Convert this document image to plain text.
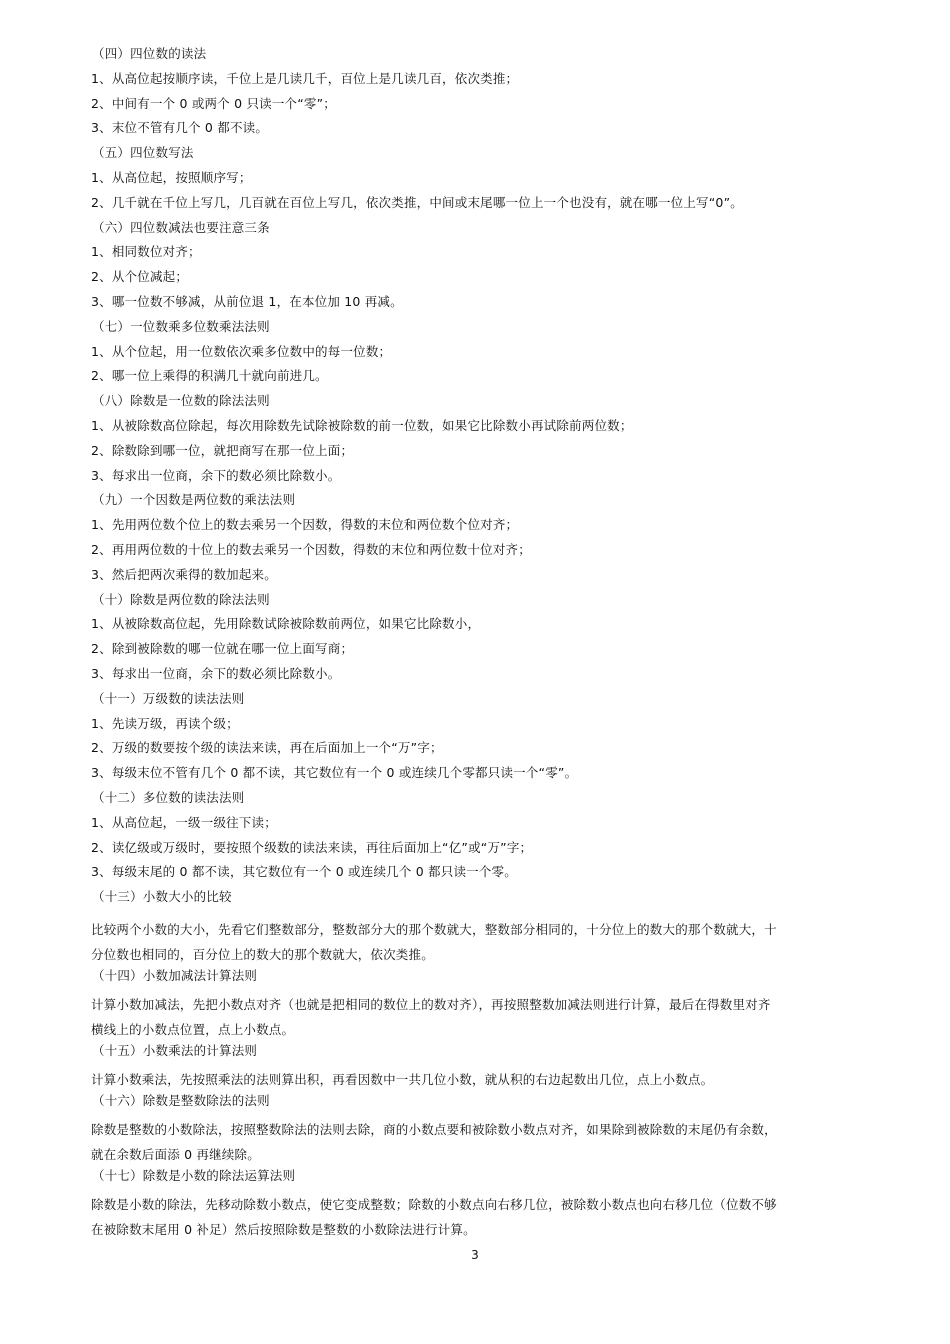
（四）四位数的读法
1、从高位起按顺序读，千位上是几读几千，百位上是几读几百，依次类推；
2、中间有一个 0 或两个 0 只读一个“零”；
3、末位不管有几个 0 都不读。
（五）四位数写法
1、从高位起，按照顺序写；
2、几千就在千位上写几，几百就在百位上写几，依次类推，中间或末尾哪一位上一个也没有，就在哪一位上写“0”。
（六）四位数减法也要注意三条
1、相同数位对齐；
2、从个位减起；
3、哪一位数不够减，从前位退 1，在本位加 10 再减。
（七）一位数乘多位数乘法法则
1、从个位起，用一位数依次乘多位数中的每一位数；
2、哪一位上乘得的积满几十就向前进几。
（八）除数是一位数的除法法则
1、从被除数高位除起，每次用除数先试除被除数的前一位数，如果它比除数小再试除前两位数；
2、除数除到哪一位，就把商写在那一位上面；
3、每求出一位商，余下的数必须比除数小。
（九）一个因数是两位数的乘法法则
1、先用两位数个位上的数去乘另一个因数，得数的末位和两位数个位对齐；
2、再用两位数的十位上的数去乘另一个因数，得数的末位和两位数十位对齐；
3、然后把两次乘得的数加起来。
（十）除数是两位数的除法法则
1、从被除数高位起，先用除数试除被除数前两位，如果它比除数小，
2、除到被除数的哪一位就在哪一位上面写商；
3、每求出一位商，余下的数必须比除数小。
（十一）万级数的读法法则
1、先读万级，再读个级；
2、万级的数要按个级的读法来读，再在后面加上一个“万”字；
3、每级末位不管有几个 0 都不读，其它数位有一个 0 或连续几个零都只读一个“零”。
（十二）多位数的读法法则
1、从高位起，一级一级往下读；
2、读亿级或万级时，要按照个级数的读法来读，再往后面加上“亿”或“万”字；
3、每级末尾的 0 都不读，其它数位有一个 0 或连续几个 0 都只读一个零。
（十三）小数大小的比较
比较两个小数的大小，先看它们整数部分，整数部分大的那个数就大，整数部分相同的，十分位上的数大的那个数就大，十
分位数也相同的，百分位上的数大的那个数就大，依次类推。
（十四）小数加减法计算法则
计算小数加减法，先把小数点对齐（也就是把相同的数位上的数对齐），再按照整数加减法则进行计算，最后在得数里对齐
横线上的小数点位置，点上小数点。
（十五）小数乘法的计算法则
计算小数乘法，先按照乘法的法则算出积，再看因数中一共几位小数，就从积的右边起数出几位，点上小数点。
（十六）除数是整数除法的法则
除数是整数的小数除法，按照整数除法的法则去除，商的小数点要和被除数小数点对齐，如果除到被除数的末尾仍有余数，
就在余数后面添 0 再继续除。
（十七）除数是小数的除法运算法则
除数是小数的除法，先移动除数小数点，使它变成整数；除数的小数点向右移几位，被除数小数点也向右移几位（位数不够
在被除数末尾用 0 补足）然后按照除数是整数的小数除法进行计算。
3
